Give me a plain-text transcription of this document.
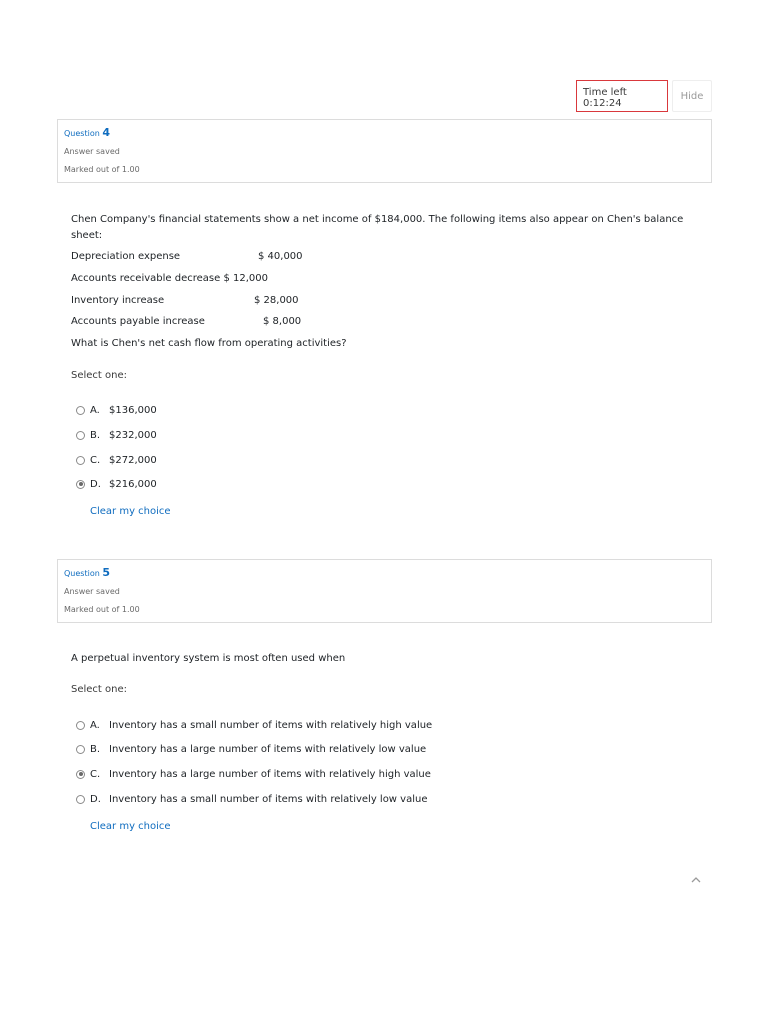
Time left 0:12:24
Hide
Question 4
Answer saved
Marked out of 1.00
Chen Company's financial statements show a net income of $184,000. The following items also appear on Chen's balance sheet:
Depreciation expense	$ 40,000
Accounts receivable decrease $ 12,000
Inventory increase	$ 28,000
Accounts payable increase	$ 8,000
What is Chen's net cash flow from operating activities?
Select one:
A. $136,000
B. $232,000
C. $272,000
D. $216,000
Clear my choice
Question 5
Answer saved
Marked out of 1.00
A perpetual inventory system is most often used when
Select one:
A. Inventory has a small number of items with relatively high value
B. Inventory has a large number of items with relatively low value
C. Inventory has a large number of items with relatively high value
D. Inventory has a small number of items with relatively low value
Clear my choice
